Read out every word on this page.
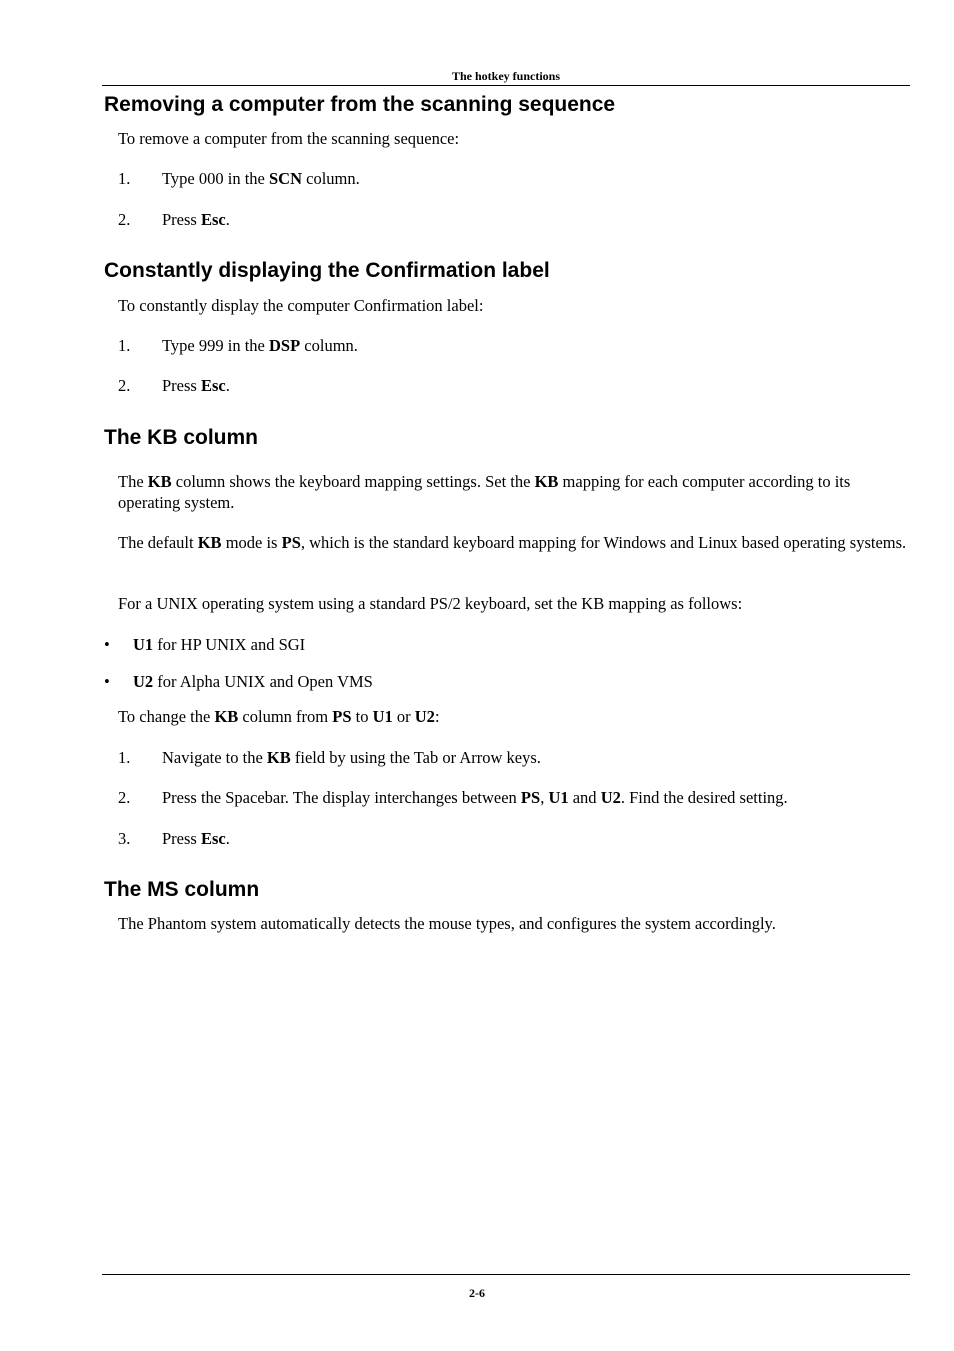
The hotkey functions
Removing a computer from the scanning sequence

To remove a computer from the scanning sequence:

1. Type 000 in the SCN column.
2. Press Esc.
Constantly displaying the Confirmation label

To constantly display the computer Confirmation label:

1. Type 999 in the DSP column.
2. Press Esc.
The KB column

The KB column shows the keyboard mapping settings. Set the KB mapping for each computer according to its operating system.

The default KB mode is PS, which is the standard keyboard mapping for Windows and Linux based operating systems.

For a UNIX operating system using a standard PS/2 keyboard, set the KB mapping as follows:

• U1 for HP UNIX and SGI
• U2 for Alpha UNIX and Open VMS

To change the KB column from PS to U1 or U2:

1. Navigate to the KB field by using the Tab or Arrow keys.
2. Press the Spacebar. The display interchanges between PS, U1 and U2. Find the desired setting.
3. Press Esc.
The MS column

The Phantom system automatically detects the mouse types, and configures the system accordingly.

2-6
